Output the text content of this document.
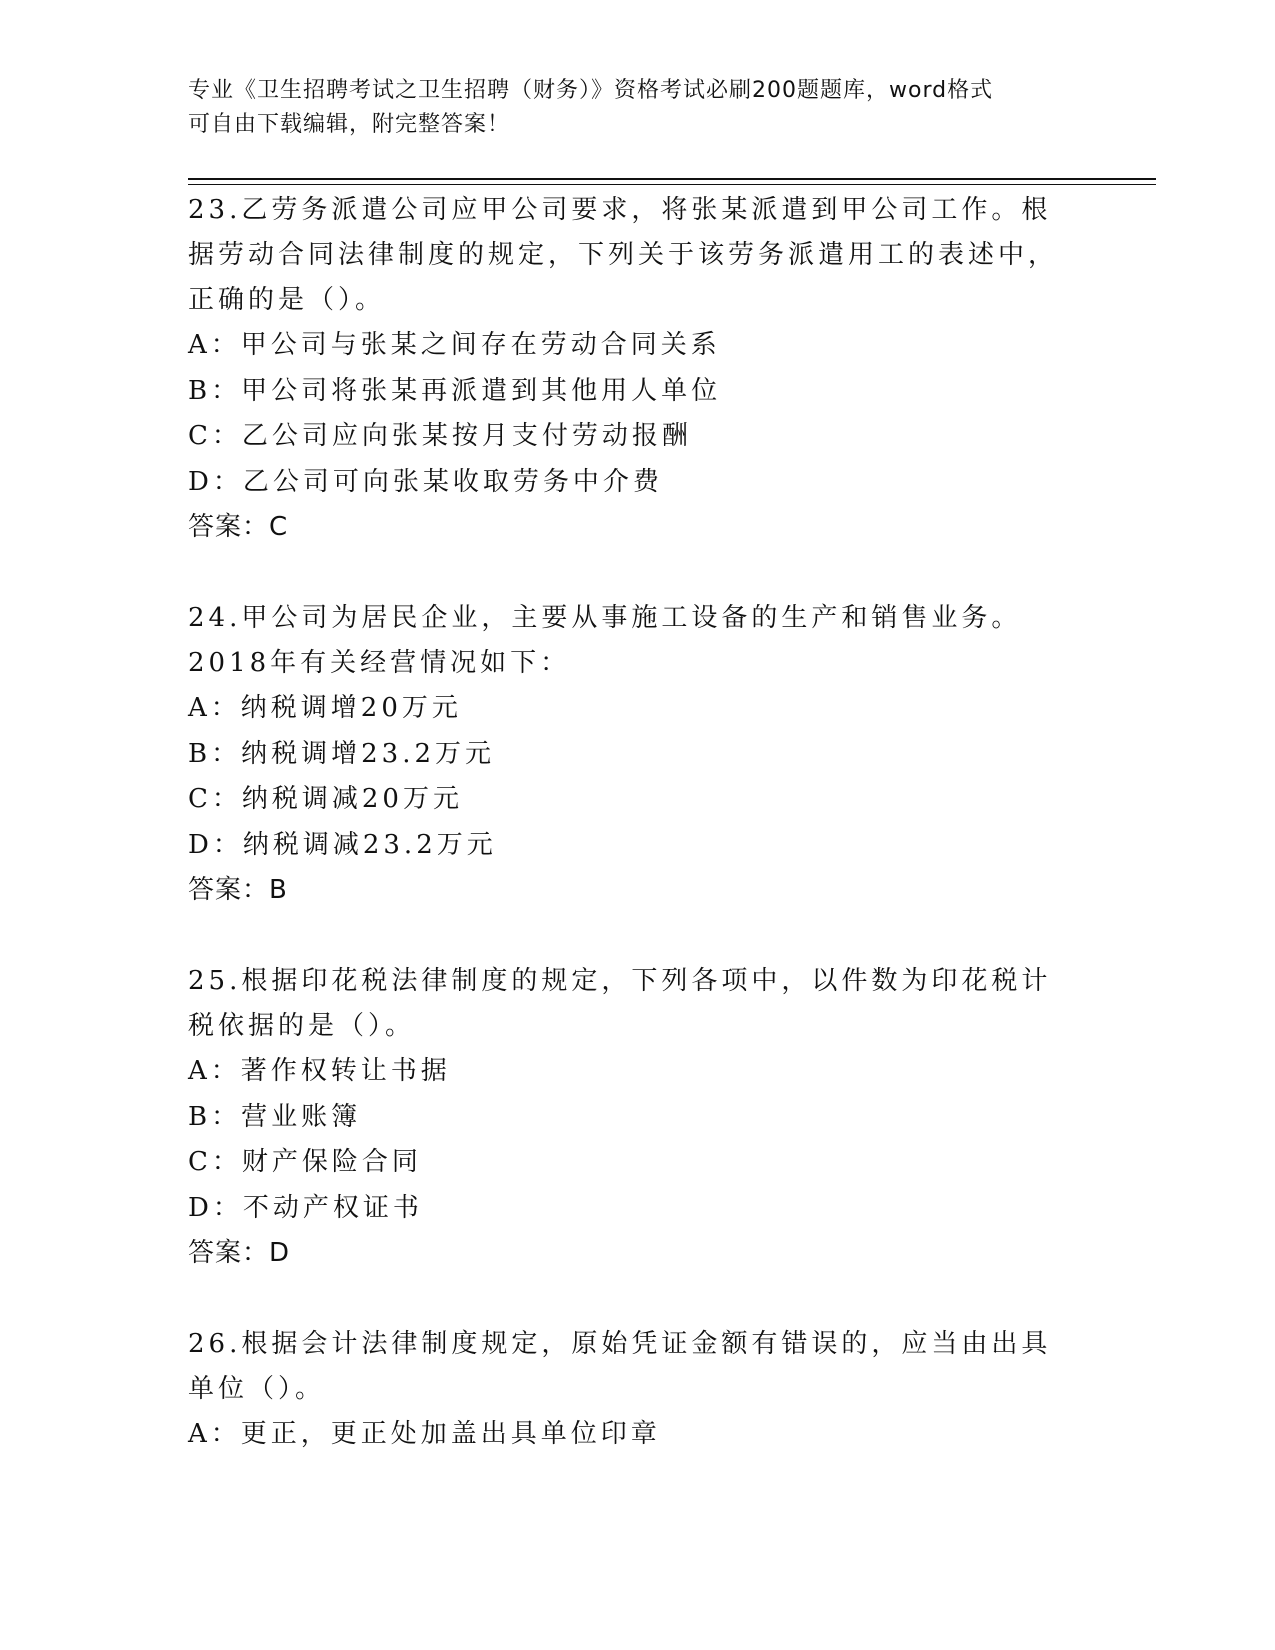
专业《卫生招聘考试之卫生招聘（财务）》资格考试必刷200题题库，word格式
可自由下载编辑，附完整答案！

23.乙劳务派遣公司应甲公司要求，将张某派遣到甲公司工作。根据劳动合同法律制度的规定，下列关于该劳务派遣用工的表述中，正确的是（）。

A：甲公司与张某之间存在劳动合同关系

B：甲公司将张某再派遣到其他用人单位

C：乙公司应向张某按月支付劳动报酬

D：乙公司可向张某收取劳务中介费

答案：C

24.甲公司为居民企业，主要从事施工设备的生产和销售业务。2018年有关经营情况如下：

A：纳税调增20万元

B：纳税调增23.2万元

C：纳税调减20万元

D：纳税调减23.2万元

答案：B

25.根据印花税法律制度的规定，下列各项中，以件数为印花税计税依据的是（）。

A：著作权转让书据

B：营业账簿

C：财产保险合同

D：不动产权证书

答案：D

26.根据会计法律制度规定，原始凭证金额有错误的，应当由出具单位（）。

A：更正，更正处加盖出具单位印章
